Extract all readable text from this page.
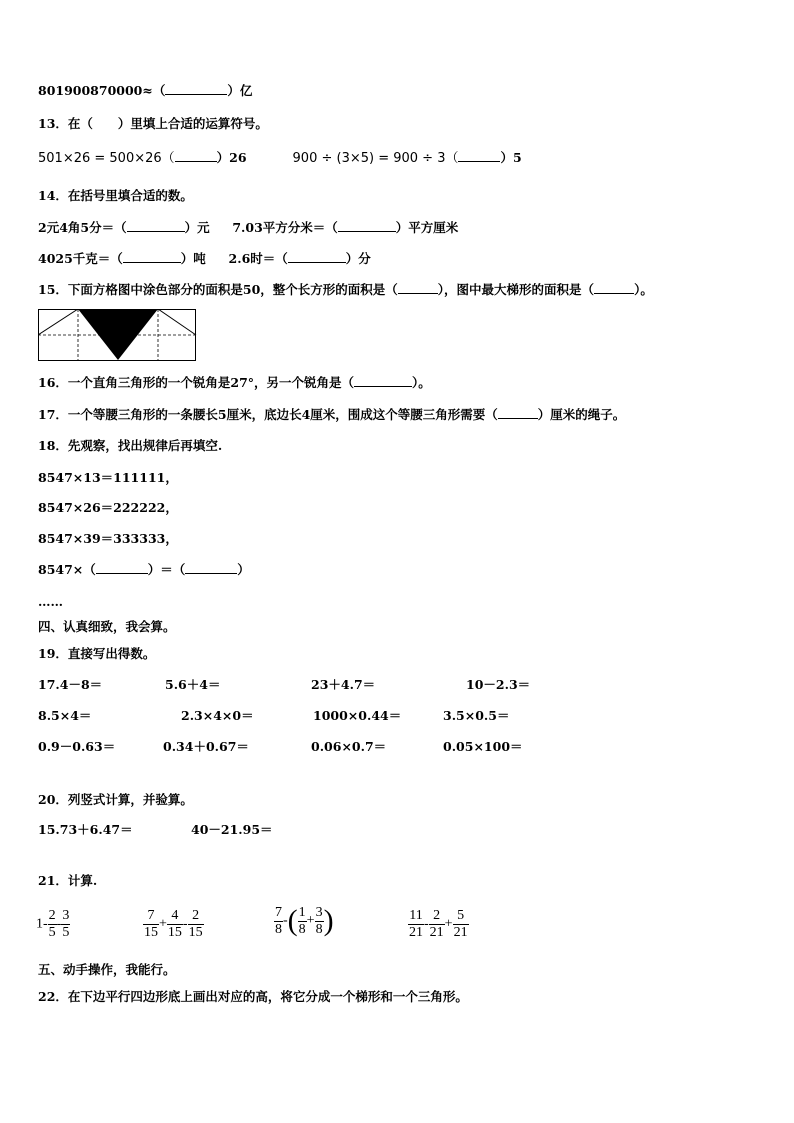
801900870000≈（	）亿
13．在（　　）里填上合适的运算符号。
501×26 = 500×26（	）26	900 ÷ (3×5) = 900 ÷ 3（	）5
14．在括号里填合适的数。
2元4角5分＝（	）元 7.03平方分米＝（	）平方厘米
4025千克＝（	）吨 2.6时＝（	）分
15．下面方格图中涂色部分的面积是50，整个长方形的面积是（	），图中最大梯形的面积是（	）。
16．一个直角三角形的一个锐角是27°，另一个锐角是（	）。
17．一个等腰三角形的一条腰长5厘米，底边长4厘米，围成这个等腰三角形需要（	）厘米的绳子。
18．先观察，找出规律后再填空.
8547×13＝111111，
8547×26＝222222，
8547×39＝333333，
8547×（	）＝（	）
……
四、认真细致，我会算。
19．直接写出得数。
17.4－8＝	5.6＋4＝	23＋4.7＝	10－2.3＝
8.5×4＝	2.3×4×0＝	1000×0.44＝	3.5×0.5＝
0.9－0.63＝	0.34＋0.67＝	0.06×0.7＝	0.05×100＝
20．列竖式计算，并验算。
15.73＋6.47＝	40－21.95＝
21．计算.
$1- \frac{2}{5} - \frac{3}{5}$	$\frac{7}{15} + \frac{4}{15} - \frac{2}{15}$	$\frac{7}{8}$ -( $\frac{1}{8} + \frac{3}{8}$ )	$\frac{11}{21} - \frac{2}{21} + \frac{5}{21}$
五、动手操作，我能行。
22．在下边平行四边形底上画出对应的高，将它分成一个梯形和一个三角形。
